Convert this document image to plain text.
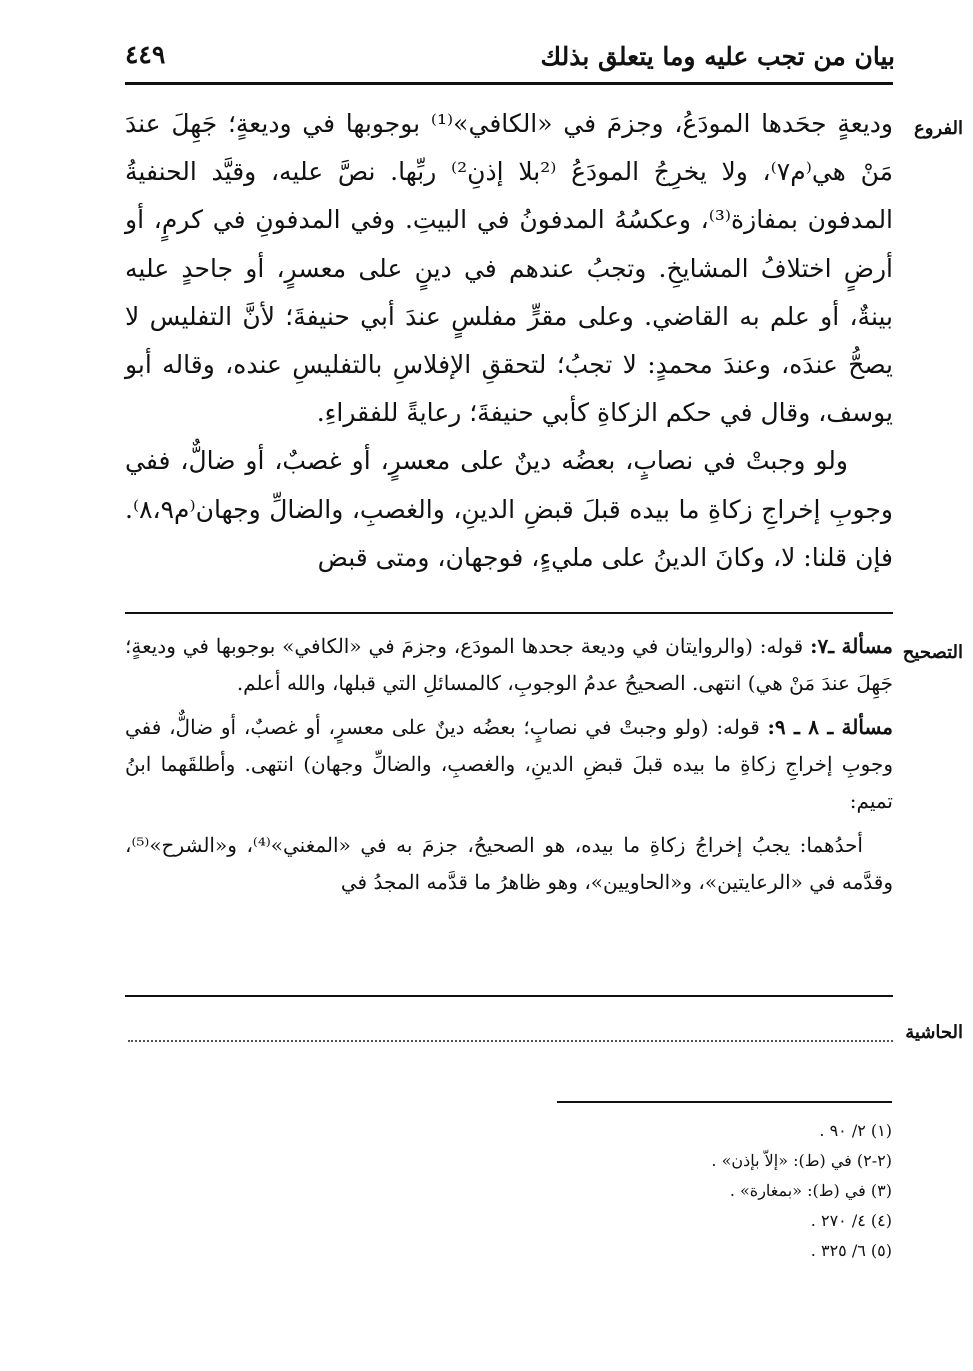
بيان من تجب عليه وما يتعلق بذلك
٤٤٩
الفروع
التصحيح
الحاشية

وديعةٍ جحَدها المودَعُ، وجزمَ في «الكافي»⁽¹⁾ بوجوبها في وديعةٍ؛ جَهِلَ عندَ مَنْ هي⁽م٧⁾، ولا يخرِجُ المودَعُ ⁽²بلا إذنِ²⁾ ربِّها. نصَّ عليه، وقيَّد الحنفيةُ المدفون بمفازة⁽³⁾، وعكسُهُ المدفونُ في البيتِ. وفي المدفونِ في كرمٍ، أو أرضٍ اختلافُ المشايخِ. وتجبُ عندهم في دينٍ على معسرٍ، أو جاحدٍ عليه بينةٌ، أو علم به القاضي. وعلى مقرٍّ مفلسٍ عندَ أبي حنيفةَ؛ لأنَّ التفليس لا يصحُّ عندَه، وعندَ محمدٍ: لا تجبُ؛ لتحققِ الإفلاسِ بالتفليسِ عنده، وقاله أبو يوسف، وقال في حكم الزكاةِ كأبي حنيفةَ؛ رعايةً للفقراءِ.

ولو وجبتْ في نصابٍ، بعضُه دينٌ على معسرٍ، أو غصبٌ، أو ضالٌّ، ففي وجوبِ إخراجِ زكاةِ ما بيده قبلَ قبضِ الدينِ، والغصبِ، والضالِّ وجهان⁽م٨،٩⁾. فإن قلنا: لا، وكانَ الدينُ على مليءٍ، فوجهان، ومتى قبض

مسألة ـ٧: قوله: (والروايتان في وديعة جحدها المودَع، وجزمَ في «الكافي» بوجوبها في وديعةٍ؛ جَهِلَ عندَ مَنْ هي) انتهى. الصحيحُ عدمُ الوجوبِ، كالمسائلِ التي قبلها، والله أعلم.

مسألة ـ ٨ ـ ٩: قوله: (ولو وجبتْ في نصابٍ؛ بعضُه دينٌ على معسرٍ، أو غصبٌ، أو ضالٌّ، ففي وجوبِ إخراجِ زكاةِ ما بيده قبلَ قبضِ الدينِ، والغصبِ، والضالِّ وجهان) انتهى. وأطلقَهما ابنُ تميم:

أحدُهما: يجبُ إخراجُ زكاةِ ما بيده، هو الصحيحُ، جزمَ به في «المغني»⁽⁴⁾، و«الشرح»⁽⁵⁾، وقدَّمه في «الرعايتين»، و«الحاويين»، وهو ظاهرُ ما قدَّمه المجدُ في

(١) ٢/ ٩٠ .
(٢-٢) في (ط): «إلاّ بإذن» .
(٣) في (ط): «بمغارة» .
(٤) ٤/ ٢٧٠ .
(٥) ٦/ ٣٢٥ .
